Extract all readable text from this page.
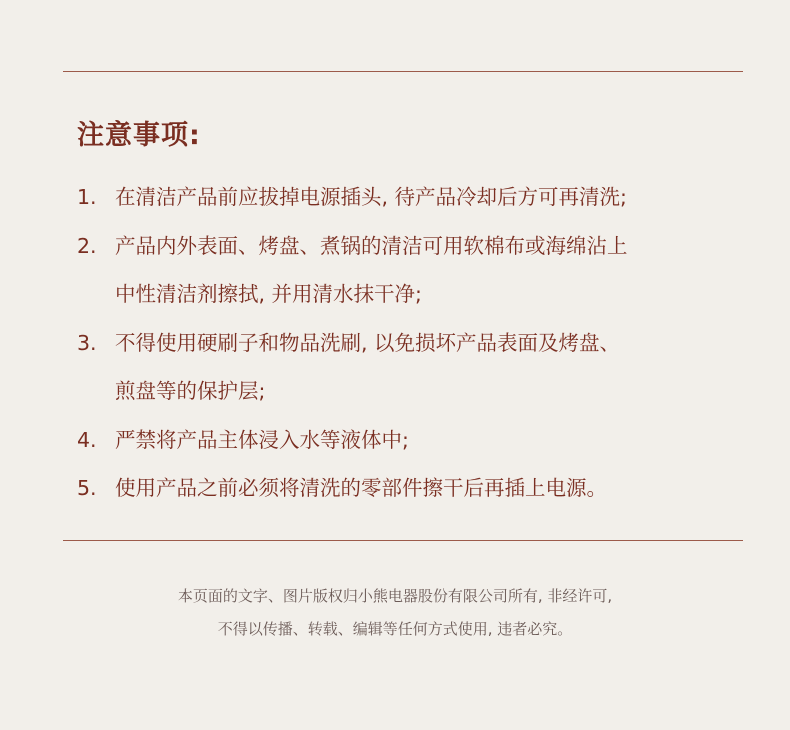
注意事项:
1. 在清洁产品前应拔掉电源插头, 待产品冷却后方可再清洗;
2. 产品内外表面、烤盘、煮锅的清洁可用软棉布或海绵沾上
中性清洁剂擦拭, 并用清水抹干净;
3. 不得使用硬刷子和物品洗刷, 以免损坏产品表面及烤盘、
煎盘等的保护层;
4. 严禁将产品主体浸入水等液体中;
5. 使用产品之前必须将清洗的零部件擦干后再插上电源。
本页面的文字、图片版权归小熊电器股份有限公司所有, 非经许可,
不得以传播、转载、编辑等任何方式使用, 违者必究。
